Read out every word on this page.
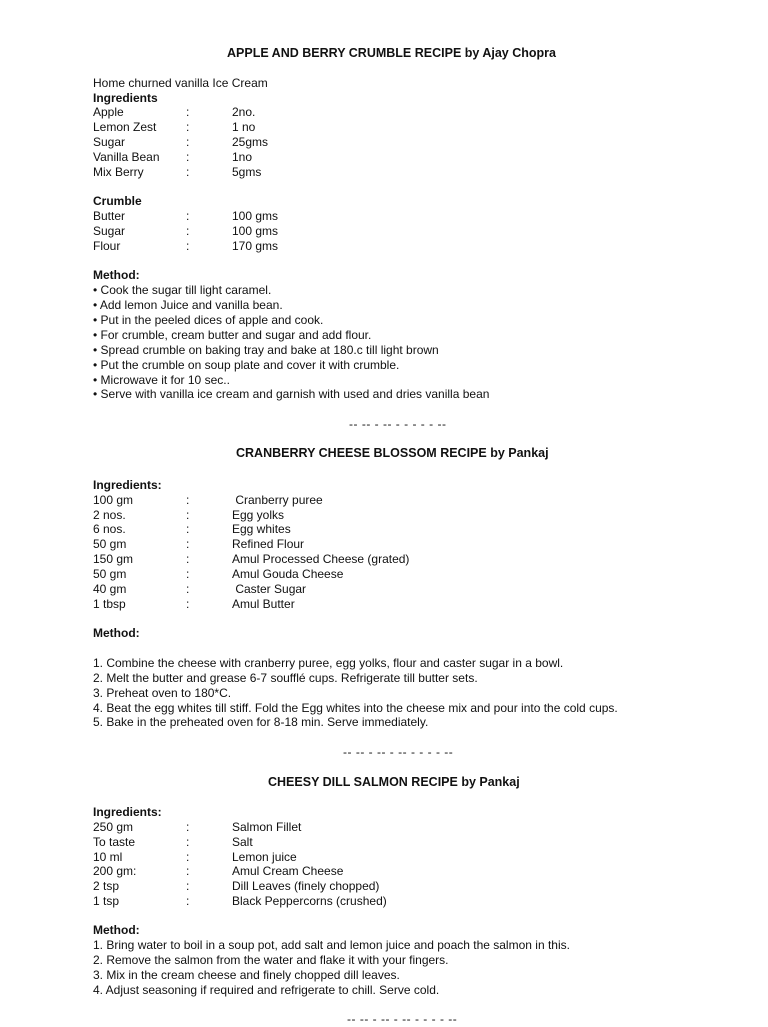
APPLE AND BERRY CRUMBLE RECIPE by Ajay Chopra
Home churned vanilla Ice Cream
Ingredients
Apple	:	2no.
Lemon Zest :	1 no
Sugar	:	25gms
Vanilla Bean :	1no
Mix Berry	:	5gms
Crumble
Butter	:	100 gms
Sugar	:	100 gms
Flour	:	170 gms
Method:
• Cook the sugar till light caramel.
• Add lemon Juice and vanilla bean.
• Put in the peeled dices of apple and cook.
• For crumble, cream butter and sugar and add flour.
• Spread crumble on baking tray and bake at 180.c till light brown
• Put the crumble on soup plate and cover it with crumble.
• Microwave it for 10 sec..
• Serve with vanilla ice cream and garnish with used and dries vanilla bean
-- -- - -- - - - - - --
CRANBERRY CHEESE BLOSSOM RECIPE by Pankaj
Ingredients:
100 gm	:	Cranberry puree
2 nos.	:	Egg yolks
6 nos.	:	Egg whites
50 gm	:	Refined Flour
150 gm	:	Amul Processed Cheese (grated)
50 gm	:	Amul Gouda Cheese
40 gm	:	Caster Sugar
1 tbsp	:	Amul Butter
Method:
1. Combine the cheese with cranberry puree, egg yolks, flour and caster sugar in a bowl.
2. Melt the butter and grease 6-7 soufflé cups. Refrigerate till butter sets.
3. Preheat oven to 180*C.
4. Beat the egg whites till stiff. Fold the Egg whites into the cheese mix and pour into the cold cups.
5. Bake in the preheated oven for 8-18 min. Serve immediately.
-- -- - -- - -- - - - - --
CHEESY DILL SALMON RECIPE by Pankaj
Ingredients:
250 gm	:	Salmon Fillet
To taste	:	Salt
10 ml	:	Lemon juice
200 gm:	:	Amul Cream Cheese
2 tsp	:	Dill Leaves (finely chopped)
1 tsp	:	Black Peppercorns (crushed)
Method:
1. Bring water to boil in a soup pot, add salt and lemon juice and poach the salmon in this.
2. Remove the salmon from the water and flake it with your fingers.
3. Mix in the cream cheese and finely chopped dill leaves.
4. Adjust seasoning if required and refrigerate to chill. Serve cold.
-- -- - -- - -- - - - - --
